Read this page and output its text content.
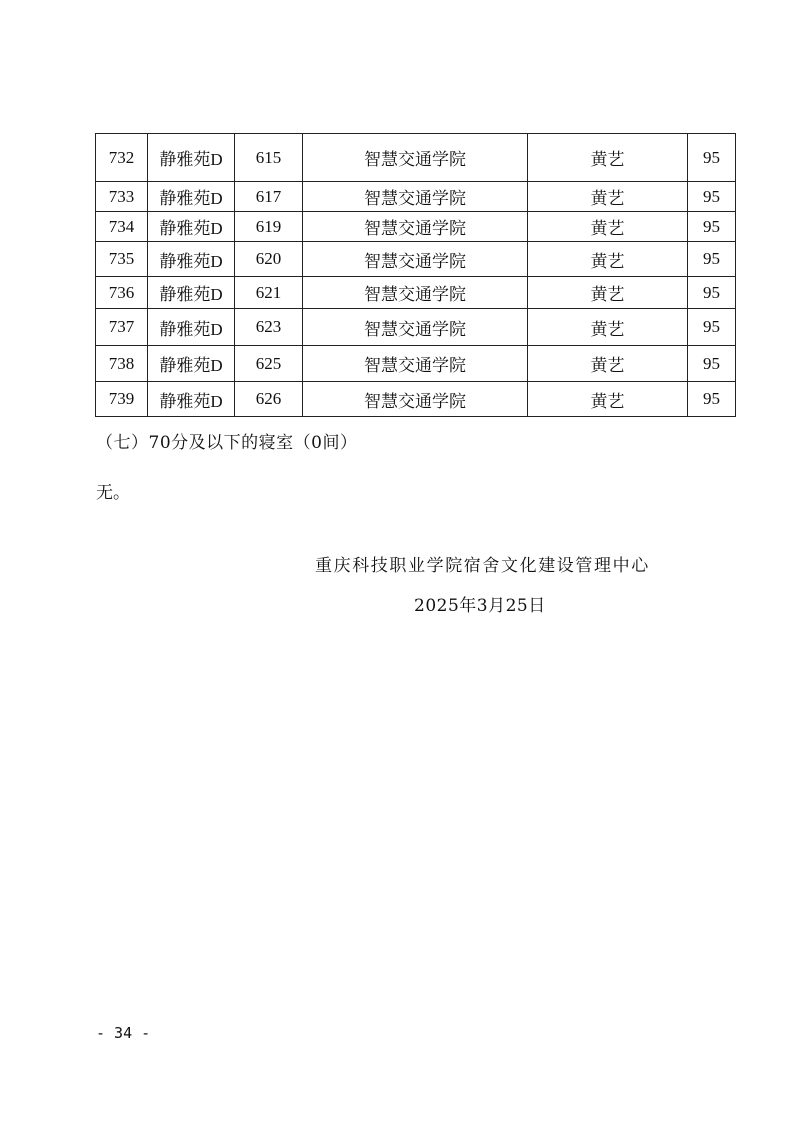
732	静雅苑D	615	智慧交通学院	黄艺	95
733	静雅苑D	617	智慧交通学院	黄艺	95
734	静雅苑D	619	智慧交通学院	黄艺	95
735	静雅苑D	620	智慧交通学院	黄艺	95
736	静雅苑D	621	智慧交通学院	黄艺	95
737	静雅苑D	623	智慧交通学院	黄艺	95
738	静雅苑D	625	智慧交通学院	黄艺	95
739	静雅苑D	626	智慧交通学院	黄艺	95
（七）70分及以下的寝室（0间）
无。
重庆科技职业学院宿舍文化建设管理中心
2025年3月25日
- 34 -
